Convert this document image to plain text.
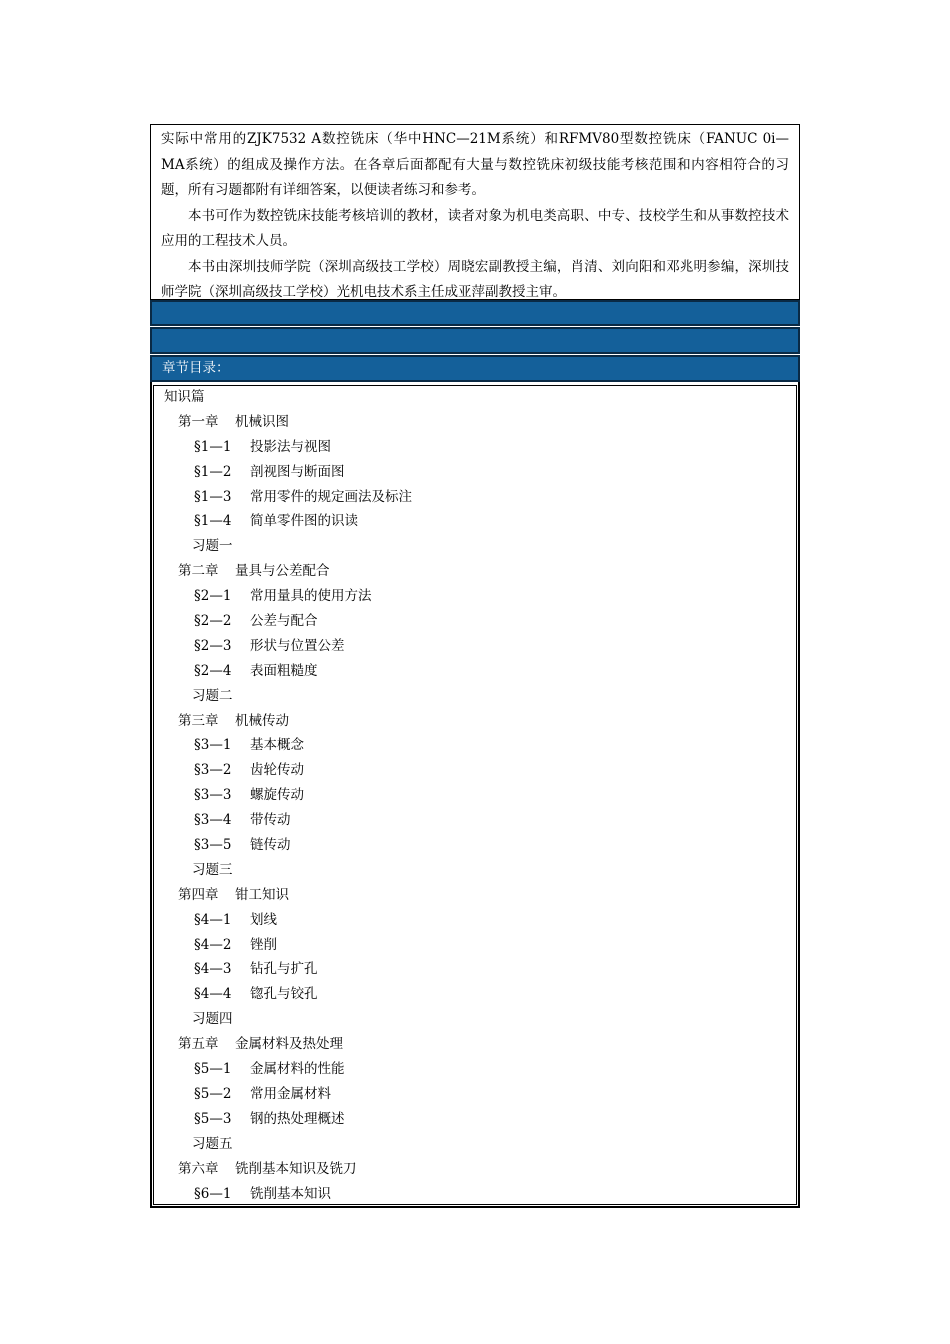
实际中常用的ZJK7532 A数控铣床（华中HNC—21M系统）和RFMV80型数控铣床（FANUC 0i—MA系统）的组成及操作方法。在各章后面都配有大量与数控铣床初级技能考核范围和内容相符合的习题，所有习题都附有详细答案，以便读者练习和参考。

本书可作为数控铣床技能考核培训的教材，读者对象为机电类高职、中专、技校学生和从事数控技术应用的工程技术人员。

本书由深圳技师学院（深圳高级技工学校）周晓宏副教授主编，肖清、刘向阳和邓兆明参编，深圳技师学院（深圳高级技工学校）光机电技术系主任成亚萍副教授主审。

章节目录：
知识篇
第一章 机械识图
§1—1 投影法与视图
§1—2 剖视图与断面图
§1—3 常用零件的规定画法及标注
§1—4 简单零件图的识读
习题一
第二章 量具与公差配合
§2—1 常用量具的使用方法
§2—2 公差与配合
§2—3 形状与位置公差
§2—4 表面粗糙度
习题二
第三章 机械传动
§3—1 基本概念
§3—2 齿轮传动
§3—3 螺旋传动
§3—4 带传动
§3—5 链传动
习题三
第四章 钳工知识
§4—1 划线
§4—2 锉削
§4—3 钻孔与扩孔
§4—4 锪孔与铰孔
习题四
第五章 金属材料及热处理
§5—1 金属材料的性能
§5—2 常用金属材料
§5—3 钢的热处理概述
习题五
第六章 铣削基本知识及铣刀
§6—1 铣削基本知识
